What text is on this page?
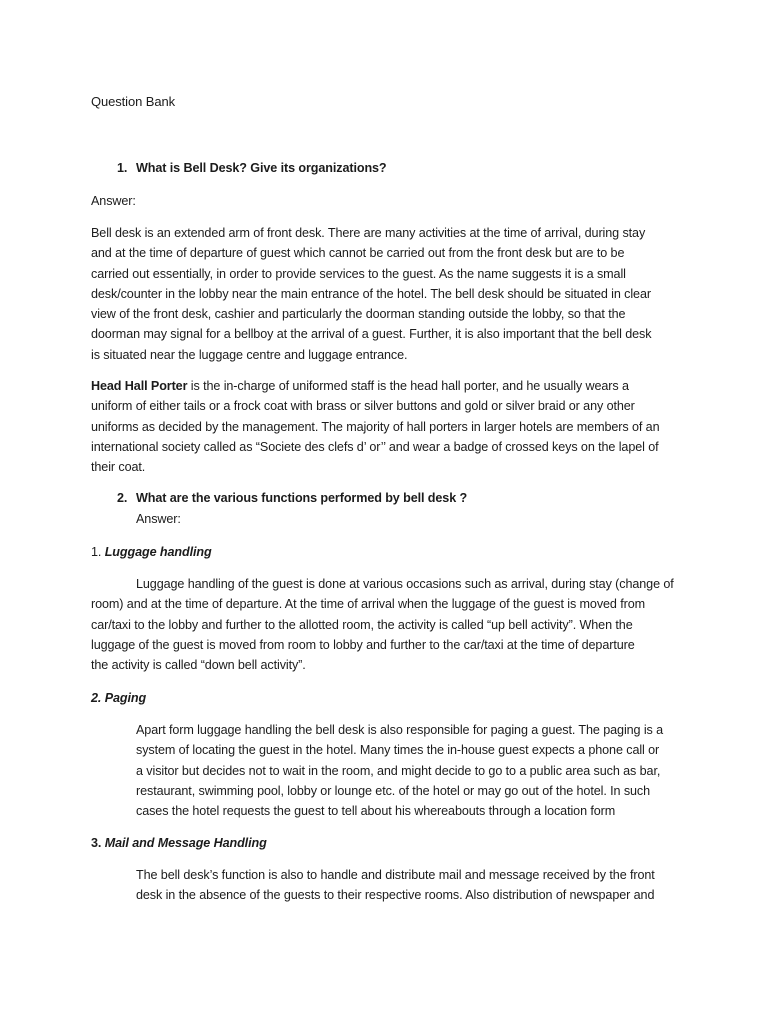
Question Bank

1. What is Bell Desk? Give its organizations?

Answer:

Bell desk is an extended arm of front desk. There are many activities at the time of arrival, during stay
and at the time of departure of guest which cannot be carried out from the front desk but are to be
carried out essentially, in order to provide services to the guest. As the name suggests it is a small
desk/counter in the lobby near the main entrance of the hotel. The bell desk should be situated in clear
view of the front desk, cashier and particularly the doorman standing outside the lobby, so that the
doorman may signal for a bellboy at the arrival of a guest. Further, it is also important that the bell desk
is situated near the luggage centre and luggage entrance.

Head Hall Porter is the in-charge of uniformed staff is the head hall porter, and he usually wears a
uniform of either tails or a frock coat with brass or silver buttons and gold or silver braid or any other
uniforms as decided by the management. The majority of hall porters in larger hotels are members of an
international society called as “Societe des clefs d’ or’’ and wear a badge of crossed keys on the lapel of
their coat.

2. What are the various functions performed by bell desk ?

Answer:

1. Luggage handling

Luggage handling of the guest is done at various occasions such as arrival, during stay (change of
room) and at the time of departure. At the time of arrival when the luggage of the guest is moved from
car/taxi to the lobby and further to the allotted room, the activity is called “up bell activity”. When the
luggage of the guest is moved from room to lobby and further to the car/taxi at the time of departure
the activity is called “down bell activity”.

2. Paging

Apart form luggage handling the bell desk is also responsible for paging a guest. The paging is a
system of locating the guest in the hotel. Many times the in-house guest expects a phone call or
a visitor but decides not to wait in the room, and might decide to go to a public area such as bar,
restaurant, swimming pool, lobby or lounge etc. of the hotel or may go out of the hotel. In such
cases the hotel requests the guest to tell about his whereabouts through a location form

3. Mail and Message Handling

The bell desk’s function is also to handle and distribute mail and message received by the front
desk in the absence of the guests to their respective rooms. Also distribution of newspaper and
